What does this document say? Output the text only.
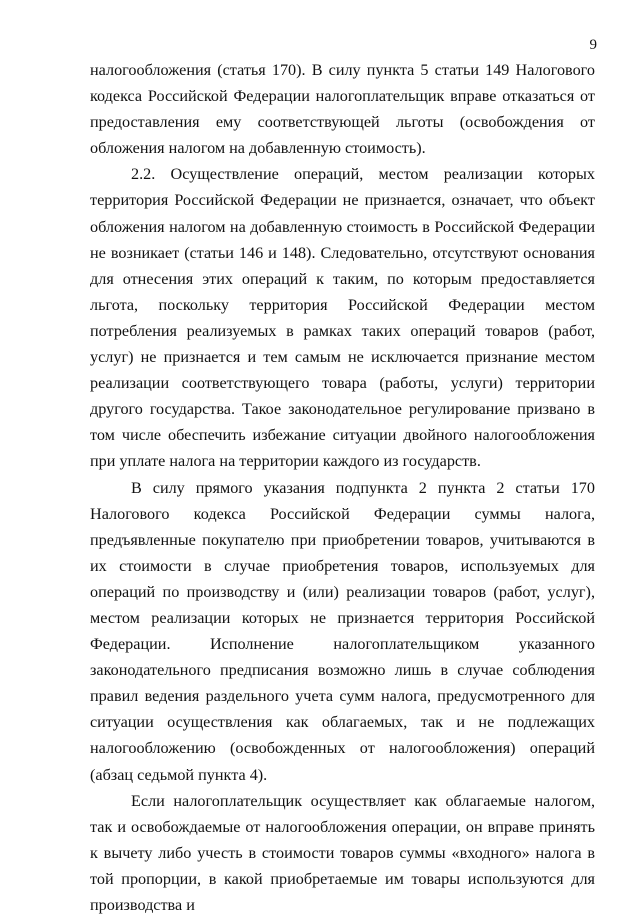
9

налогообложения (статья 170). В силу пункта 5 статьи 149 Налогового кодекса Российской Федерации налогоплательщик вправе отказаться от предоставления ему соответствующей льготы (освобождения от обложения налогом на добавленную стоимость).

2.2. Осуществление операций, местом реализации которых территория Российской Федерации не признается, означает, что объект обложения налогом на добавленную стоимость в Российской Федерации не возникает (статьи 146 и 148). Следовательно, отсутствуют основания для отнесения этих операций к таким, по которым предоставляется льгота, поскольку территория Российской Федерации местом потребления реализуемых в рамках таких операций товаров (работ, услуг) не признается и тем самым не исключается признание местом реализации соответствующего товара (работы, услуги) территории другого государства. Такое законодательное регулирование призвано в том числе обеспечить избежание ситуации двойного налогообложения при уплате налога на территории каждого из государств.

В силу прямого указания подпункта 2 пункта 2 статьи 170 Налогового кодекса Российской Федерации суммы налога, предъявленные покупателю при приобретении товаров, учитываются в их стоимости в случае приобретения товаров, используемых для операций по производству и (или) реализации товаров (работ, услуг), местом реализации которых не признается территория Российской Федерации. Исполнение налогоплательщиком указанного законодательного предписания возможно лишь в случае соблюдения правил ведения раздельного учета сумм налога, предусмотренного для ситуации осуществления как облагаемых, так и не подлежащих налогообложению (освобожденных от налогообложения) операций (абзац седьмой пункта 4).

Если налогоплательщик осуществляет как облагаемые налогом, так и освобождаемые от налогообложения операции, он вправе принять к вычету либо учесть в стоимости товаров суммы «входного» налога в той пропорции, в какой приобретаемые им товары используются для производства и
